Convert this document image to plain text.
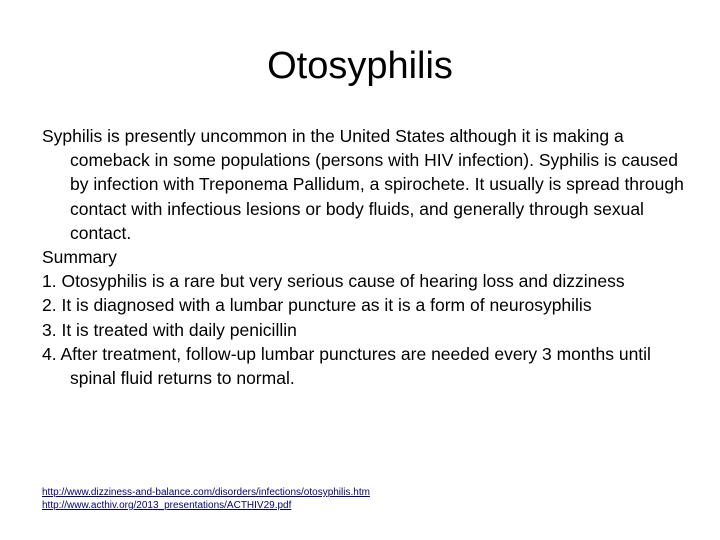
Otosyphilis

Syphilis is presently uncommon in the United States although it is making a comeback in some populations (persons with HIV infection). Syphilis is caused by infection with Treponema Pallidum, a spirochete. It usually is spread through contact with infectious lesions or body fluids, and generally through sexual contact.

Summary

1. Otosyphilis is a rare but very serious cause of hearing loss and dizziness

2. It is diagnosed with a lumbar puncture as it is a form of neurosyphilis

3. It is treated with daily penicillin

4. After treatment, follow-up lumbar punctures are needed every 3 months until spinal fluid returns to normal.

http://www.dizziness-and-balance.com/disorders/infections/otosyphilis.htm
http://www.acthiv.org/2013_presentations/ACTHIV29.pdf
